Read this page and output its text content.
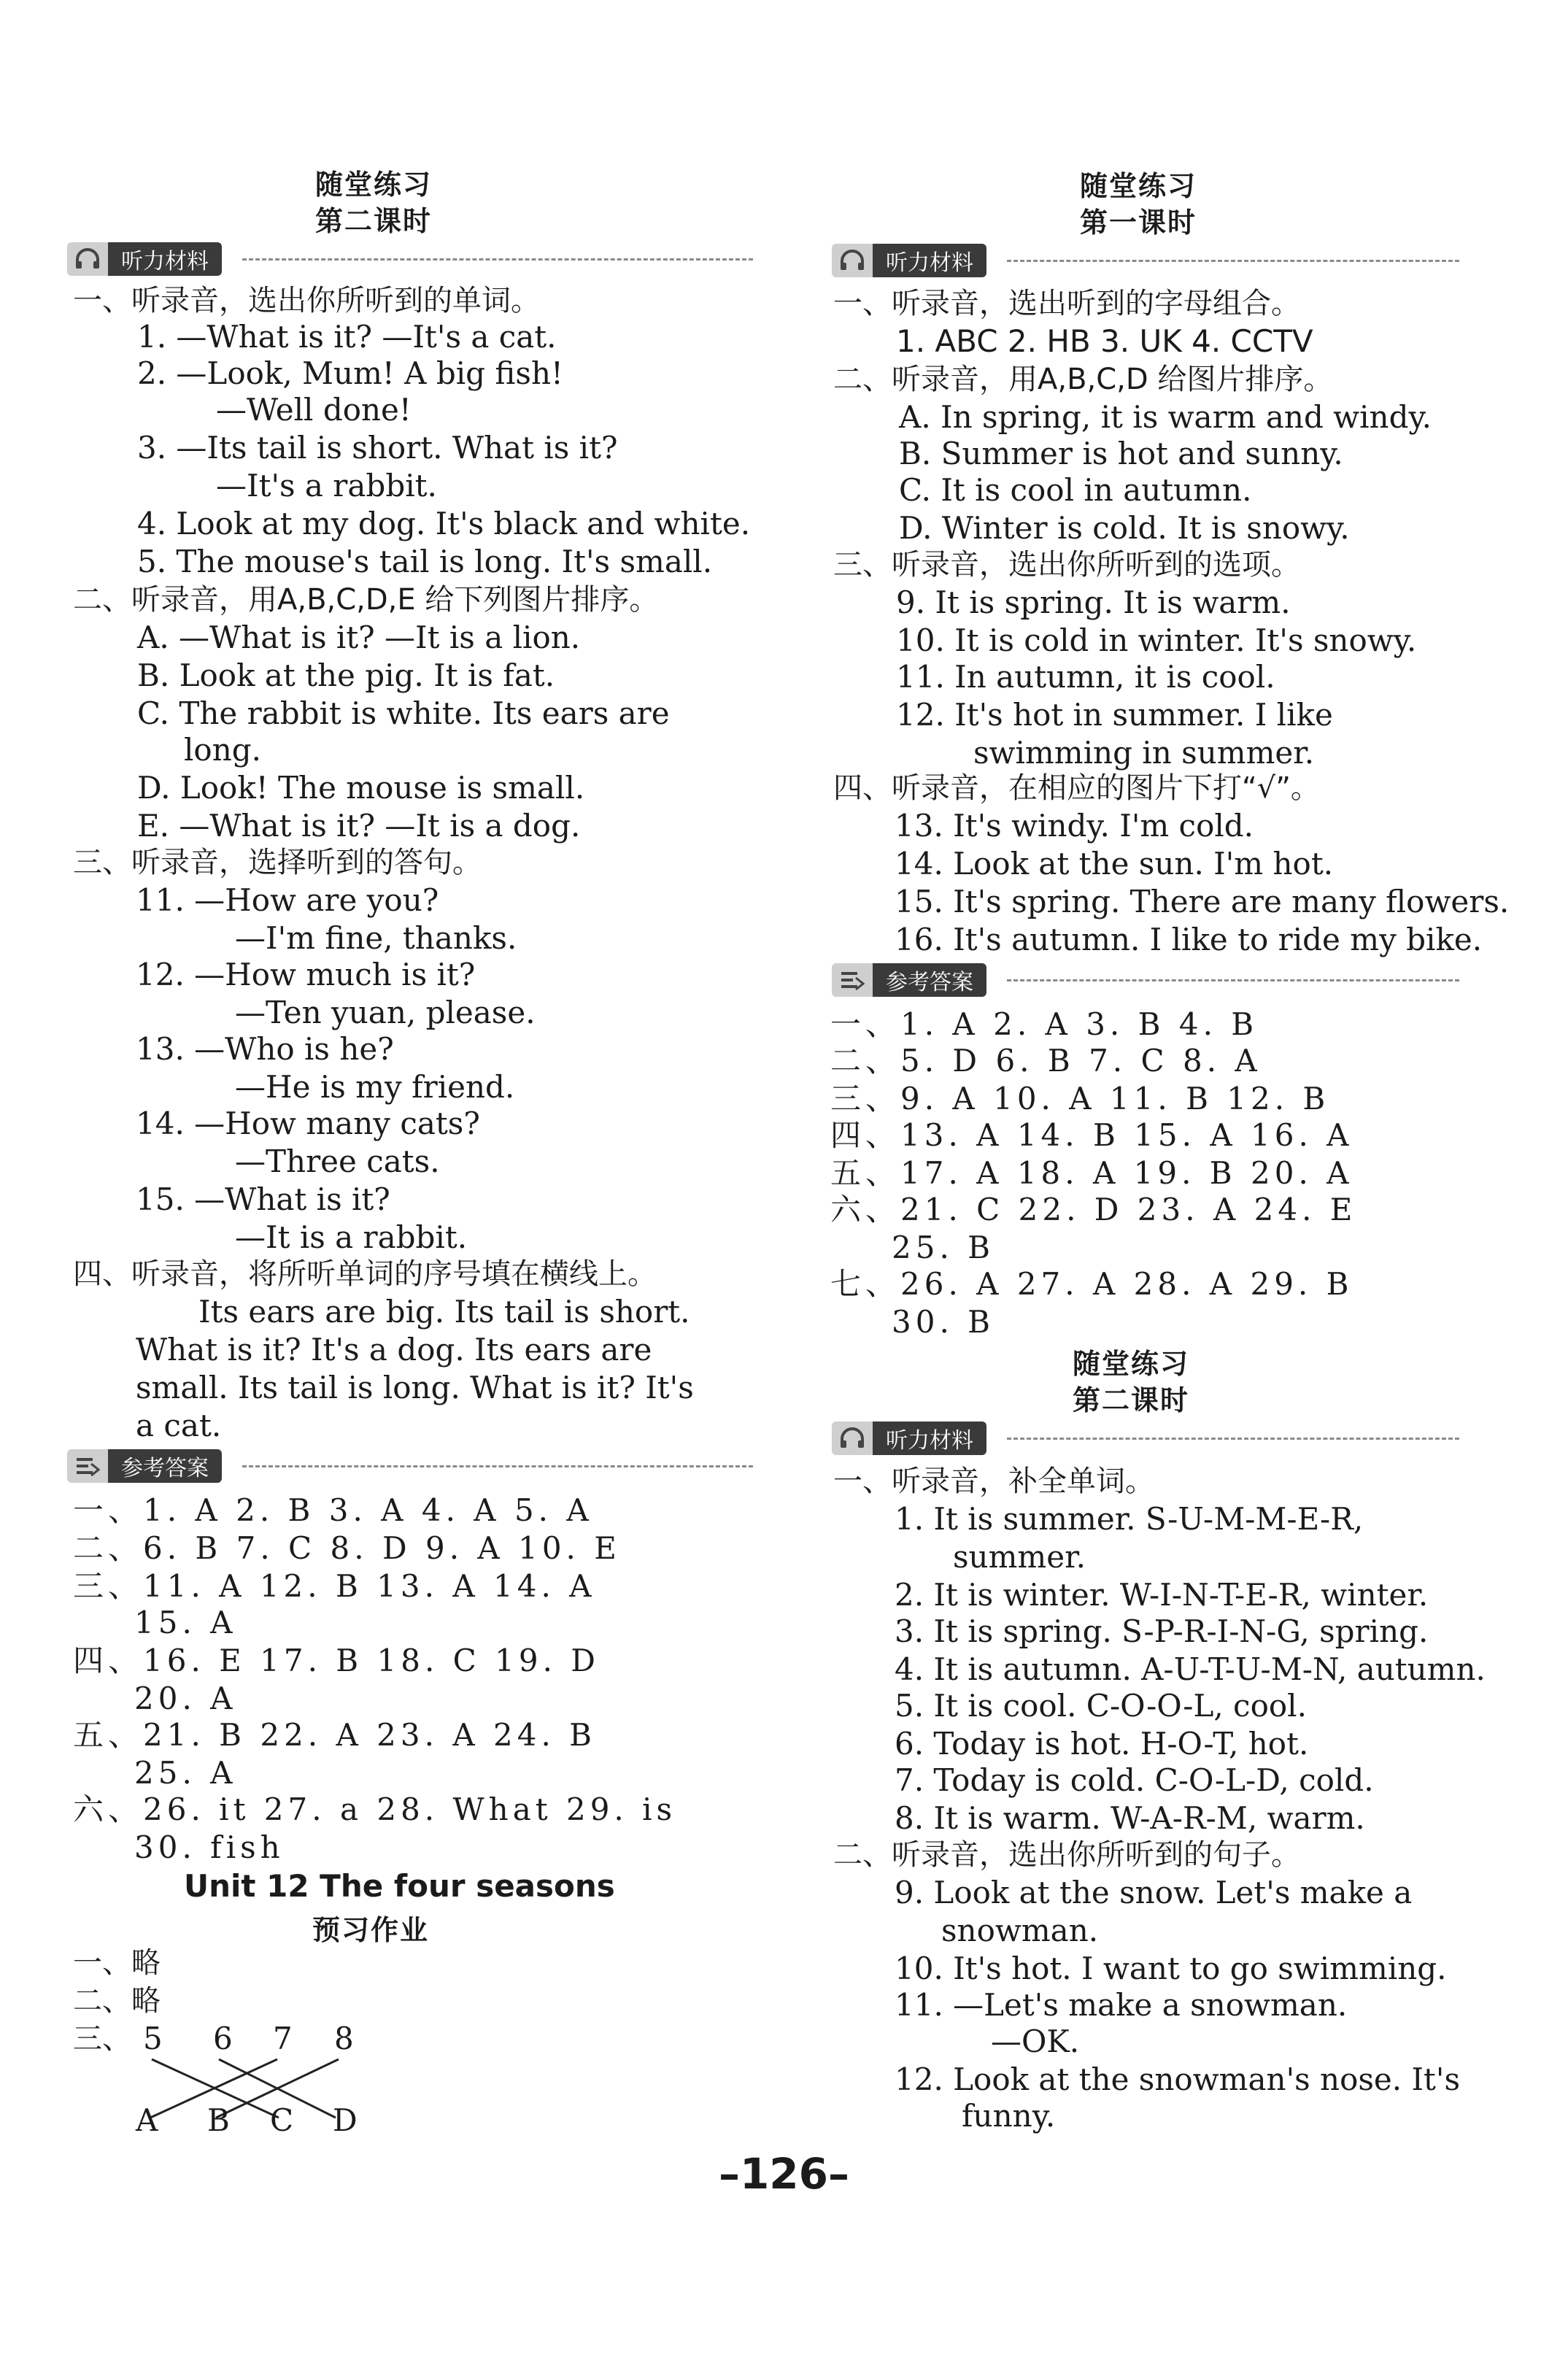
随堂练习
第二课时
听力材料
一、听录音，选出你所听到的单词。
1. —What is it? —It's a cat.
2. —Look, Mum! A big fish!
—Well done!
3. —Its tail is short. What is it?
—It's a rabbit.
4. Look at my dog. It's black and white.
5. The mouse's tail is long. It's small.
二、听录音，用A,B,C,D,E 给下列图片排序。
A. —What is it? —It is a lion.
B. Look at the pig. It is fat.
C. The rabbit is white. Its ears are
long.
D. Look! The mouse is small.
E. —What is it? —It is a dog.
三、听录音，选择听到的答句。
11. —How are you?
—I'm fine, thanks.
12. —How much is it?
—Ten yuan, please.
13. —Who is he?
—He is my friend.
14. —How many cats?
—Three cats.
15. —What is it?
—It is a rabbit.
四、听录音，将所听单词的序号填在横线上。
Its ears are big. Its tail is short.
What is it? It's a dog. Its ears are
small. Its tail is long. What is it? It's
a cat.
参考答案
一、1. A 2. B 3. A 4. A 5. A
二、6. B 7. C 8. D 9. A 10. E
三、11. A 12. B 13. A 14. A
15. A
四、16. E 17. B 18. C 19. D
20. A
五、21. B 22. A 23. A 24. B
25. A
六、26. it 27. a 28. What 29. is
30. fish
Unit 12 The four seasons
预习作业
一、略
二、略
三、 5 6 7 8
A B C D
随堂练习
第一课时
听力材料
一、听录音，选出听到的字母组合。
1. ABC 2. HB 3. UK 4. CCTV
二、听录音，用A,B,C,D 给图片排序。
A. In spring, it is warm and windy.
B. Summer is hot and sunny.
C. It is cool in autumn.
D. Winter is cold. It is snowy.
三、听录音，选出你所听到的选项。
9. It is spring. It is warm.
10. It is cold in winter. It's snowy.
11. In autumn, it is cool.
12. It's hot in summer. I like
swimming in summer.
四、听录音，在相应的图片下打“√”。
13. It's windy. I'm cold.
14. Look at the sun. I'm hot.
15. It's spring. There are many flowers.
16. It's autumn. I like to ride my bike.
参考答案
一、1. A 2. A 3. B 4. B
二、5. D 6. B 7. C 8. A
三、9. A 10. A 11. B 12. B
四、13. A 14. B 15. A 16. A
五、17. A 18. A 19. B 20. A
六、21. C 22. D 23. A 24. E
25. B
七、26. A 27. A 28. A 29. B
30. B
随堂练习
第二课时
听力材料
一、听录音，补全单词。
1. It is summer. S-U-M-M-E-R,
summer.
2. It is winter. W-I-N-T-E-R, winter.
3. It is spring. S-P-R-I-N-G, spring.
4. It is autumn. A-U-T-U-M-N, autumn.
5. It is cool. C-O-O-L, cool.
6. Today is hot. H-O-T, hot.
7. Today is cold. C-O-L-D, cold.
8. It is warm. W-A-R-M, warm.
二、听录音，选出你所听到的句子。
9. Look at the snow. Let's make a
snowman.
10. It's hot. I want to go swimming.
11. —Let's make a snowman.
—OK.
12. Look at the snowman's nose. It's
funny.
–126–
